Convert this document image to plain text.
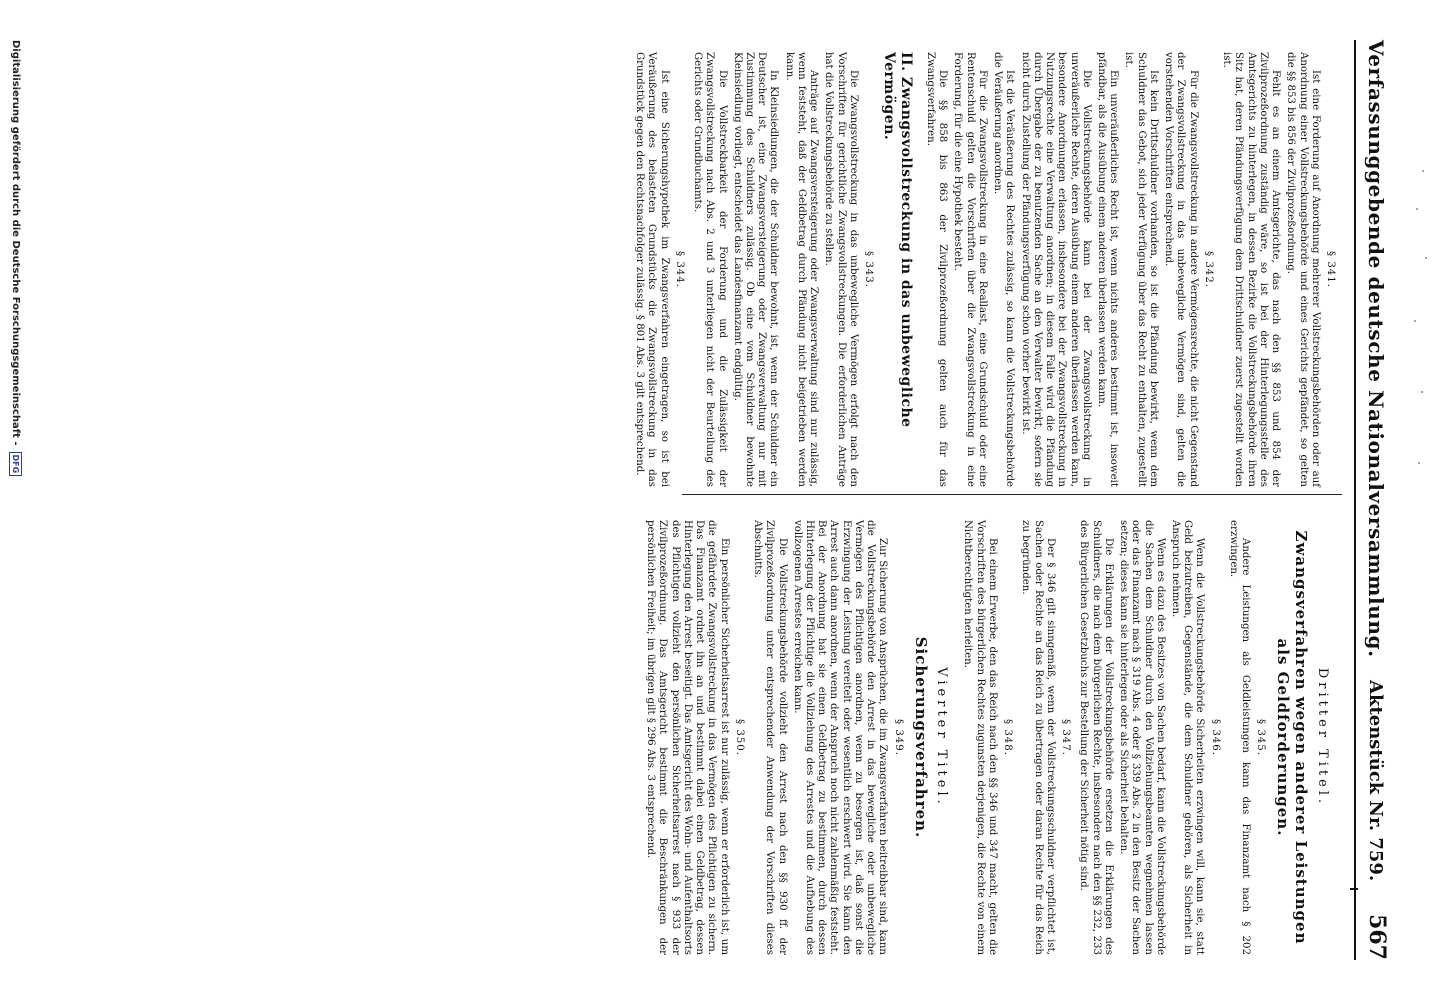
Verfassunggebende deutsche Nationalversammlung.
Aktenstück Nr. 759.
567
§ 341.

Ist eine Forderung auf Anordnung mehrerer Vollstreckungsbehörden oder auf Anordnung einer Vollstreckungsbehörde und eines Gerichts gepfändet, so gelten die §§ 853 bis 856 der Zivilprozeßordnung.

Fehlt es an einem Amtsgerichte, das nach den §§ 853 und 854 der Zivilprozeßordnung zuständig wäre, so ist bei der Hinterlegungsstelle des Amtsgerichts zu hinterlegen, in dessen Bezirke die Vollstreckungsbehörde ihren Sitz hat, deren Pfändungsverfügung dem Drittschuldner zuerst zugestellt worden ist.

§ 342.

Für die Zwangsvollstreckung in andere Vermögensrechte, die nicht Gegenstand der Zwangsvollstreckung in das unbewegliche Vermögen sind, gelten die vorstehenden Vorschriften entsprechend.

Ist kein Drittschuldner vorhanden, so ist die Pfändung bewirkt, wenn dem Schuldner das Gebot, sich jeder Verfügung über das Recht zu enthalten, zugestellt ist.

Ein unveräußerliches Recht ist, wenn nichts anderes bestimmt ist, insoweit pfändbar, als die Ausübung einem anderen überlassen werden kann.

Die Vollstreckungsbehörde kann bei der Zwangsvollstreckung in unveräußerliche Rechte, deren Ausübung einem anderen überlassen werden kann, besondere Anordnungen erlassen, insbesondere bei der Zwangsvollstreckung in Nutzungsrechte eine Verwaltung anordnen; in diesem Falle wird die Pfändung durch Übergabe der zu benutzenden Sache an den Verwalter bewirkt, sofern sie nicht durch Zustellung der Pfändungsverfügung schon vorher bewirkt ist.

Ist die Veräußerung des Rechtes zulässig, so kann die Vollstreckungsbehörde die Veräußerung anordnen.

Für die Zwangsvollstreckung in eine Reallast, eine Grundschuld oder eine Rentenschuld gelten die Vorschriften über die Zwangsvollstreckung in eine Forderung, für die eine Hypothek besteht.

Die §§ 858 bis 863 der Zivilprozeßordnung gelten auch für das Zwangsverfahren.

II. Zwangsvollstreckung in das unbewegliche Vermögen.
§ 343.

Die Zwangsvollstreckung in das unbewegliche Vermögen erfolgt nach den Vorschriften für gerichtliche Zwangsvollstreckungen. Die erforderlichen Anträge hat die Vollstreckungsbehörde zu stellen.

Anträge auf Zwangsversteigerung oder Zwangsverwaltung sind nur zulässig, wenn feststeht, daß der Geldbetrag durch Pfändung nicht beigetrieben werden kann.

In Kleinsiedlungen, die der Schuldner bewohnt, ist, wenn der Schuldner ein Deutscher ist, eine Zwangsversteigerung oder Zwangsverwaltung nur mit Zustimmung des Schuldners zulässig. Ob eine vom Schuldner bewohnte Kleinsiedlung vorliegt, entscheidet das Landesfinanzamt endgültig.

Die Vollstreckbarkeit der Forderung und die Zulässigkeit der Zwangsvollstreckung nach Abs. 2 und 3 unterliegen nicht der Beurteilung des Gerichts oder Grundbuchamts.

§ 344.

Ist eine Sicherungshypothek im Zwangsverfahren eingetragen, so ist bei Veräußerung des belasteten Grundstücks die Zwangsvollstreckung in das Grundstück gegen den Rechtsnachfolger zulässig. § 801 Abs. 3 gilt entsprechend.

Dritter Titel.
Zwangsverfahren wegen anderer Leistungen als Geldforderungen.
§ 345.

Andere Leistungen als Geldleistungen kann das Finanzamt nach § 202 erzwingen.

§ 346.

Wenn die Vollstreckungsbehörde Sicherheiten erzwingen will, kann sie, statt Geld beizutreiben, Gegenstände, die dem Schuldner gehören, als Sicherheit in Anspruch nehmen.

Wenn es dazu des Besitzes von Sachen bedarf, kann die Vollstreckungsbehörde die Sachen dem Schuldner durch den Vollziehungsbeamten wegnehmen lassen oder das Finanzamt nach § 319 Abs. 4 oder § 339 Abs. 2 in den Besitz der Sachen setzen; dieses kann sie hinterlegen oder als Sicherheit behalten.

Die Erklärungen der Vollstreckungsbehörde ersetzen die Erklärungen des Schuldners, die nach dem bürgerlichen Rechte, insbesondere nach den §§ 232, 233 des Bürgerlichen Gesetzbuchs zur Bestellung der Sicherheit nötig sind.

§ 347.

Der § 346 gilt sinngemäß, wenn der Vollstreckungsschuldner verpflichtet ist, Sachen oder Rechte an das Reich zu übertragen oder daran Rechte für das Reich zu begründen.

§ 348.

Bei einem Erwerbe, den das Reich nach den §§ 346 und 347 macht, gelten die Vorschriften des bürgerlichen Rechtes zugunsten derjenigen, die Rechte von einem Nichtberechtigten herleiten.

Vierter Titel.
Sicherungsverfahren.
§ 349.

Zur Sicherung von Ansprüchen, die im Zwangsverfahren beitreibbar sind, kann die Vollstreckungsbehörde den Arrest in das bewegliche oder unbewegliche Vermögen des Pflichtigen anordnen, wenn zu besorgen ist, daß sonst die Erzwingung der Leistung vereitelt oder wesentlich erschwert wird. Sie kann den Arrest auch dann anordnen, wenn der Anspruch noch nicht zahlenmäßig feststeht. Bei der Anordnung hat sie einen Geldbetrag zu bestimmen, durch dessen Hinterlegung der Pflichtige die Vollziehung des Arrestes und die Aufhebung des vollzogenen Arrestes erreichen kann.

Die Vollstreckungsbehörde vollzieht den Arrest nach den §§ 930 ff. der Zivilprozeßordnung unter entsprechender Anwendung der Vorschriften dieses Abschnitts.

§ 350.

Ein persönlicher Sicherheitsarrest ist nur zulässig, wenn er erforderlich ist, um die gefährdete Zwangsvollstreckung in das Vermögen des Pflichtigen zu sichern. Das Finanzamt ordnet ihn an und bestimmt dabei einen Geldbetrag, dessen Hinterlegung den Arrest beseitigt. Das Amtsgericht des Wohn- und Aufenthaltsorts des Pflichtigen vollzieht den persönlichen Sicherheitsarrest nach § 933 der Zivilprozeßordnung. Das Amtsgericht bestimmt die Beschränkungen der persönlichen Freiheit; im übrigen gilt § 296 Abs. 3 entsprechend.

Digitalisierung gefördert durch die Deutsche Forschungsgemeinschaft -
DFG
